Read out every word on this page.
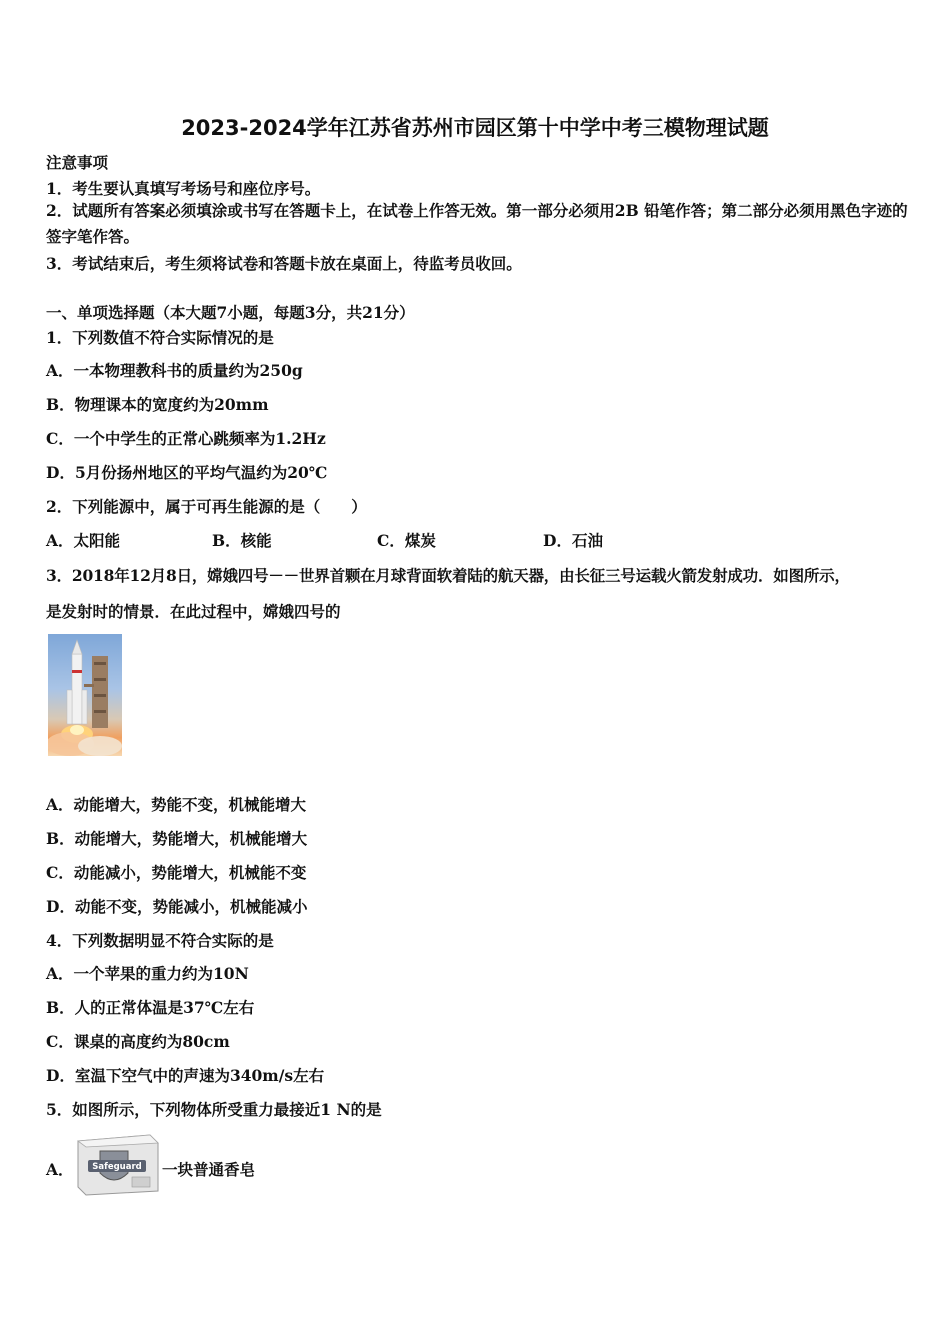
2023-2024学年江苏省苏州市园区第十中学中考三模物理试题
注意事项
1．考生要认真填写考场号和座位序号。
2．试题所有答案必须填涂或书写在答题卡上，在试卷上作答无效。第一部分必须用2B 铅笔作答；第二部分必须用黑色字迹的签字笔作答。
3．考试结束后，考生须将试卷和答题卡放在桌面上，待监考员收回。
一、单项选择题（本大题7小题，每题3分，共21分）
1．下列数值不符合实际情况的是
A．一本物理教科书的质量约为250g
B．物理课本的宽度约为20mm
C．一个中学生的正常心跳频率为1.2Hz
D．5月份扬州地区的平均气温约为20℃
2．下列能源中，属于可再生能源的是（　　）
A．太阳能	B．核能	C．煤炭	D．石油
3．2018年12月8日，嫦娥四号－－世界首颗在月球背面软着陆的航天器，由长征三号运载火箭发射成功．如图所示，
是发射时的情景．在此过程中，嫦娥四号的
A．动能增大，势能不变，机械能增大
B．动能增大，势能增大，机械能增大
C．动能减小，势能增大，机械能不变
D．动能不变，势能减小，机械能减小
4．下列数据明显不符合实际的是
A．一个苹果的重力约为10N
B．人的正常体温是37℃左右
C．课桌的高度约为80cm
D．室温下空气中的声速为340m/s左右
5．如图所示，下列物体所受重力最接近1 N的是
A． Safeguard 一块普通香皂
